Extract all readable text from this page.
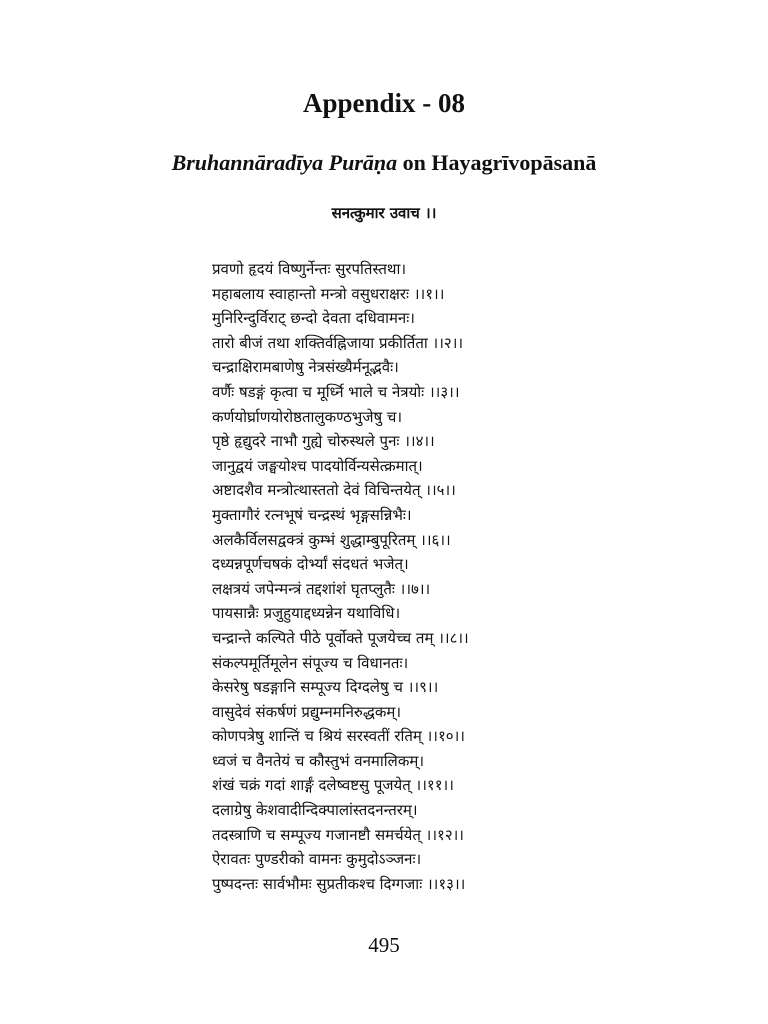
Appendix - 08
Bruhannāradīya Purāṇa on Hayagrīvopāsanā

सनत्कुमार उवाच ।।

प्रवणो हृदयं विष्णुर्नेन्तः सुरपतिस्तथा।
महाबलाय स्वाहान्तो मन्त्रो वसुधराक्षरः ।।१।।
मुनिरिन्दुर्विराट् छन्दो देवता दधिवामनः।
तारो बीजं तथा शक्तिर्वह्निजाया प्रकीर्तिता ।।२।।
चन्द्राक्षिरामबाणेषु नेत्रसंख्यैर्मनूद्भवैः।
वर्णैः षडङ्गं कृत्वा च मूर्ध्नि भाले च नेत्रयोः ।।३।।
कर्णयोर्घ्राणयोरोष्ठतालुकण्ठभुजेषु च।
पृष्ठे हृद्युदरे नाभौ गुह्ये चोरुस्थले पुनः ।।४।।
जानुद्वयं जङ्घयोश्च पादयोर्विन्यसेत्क्रमात्।
अष्टादशैव मन्त्रोत्थास्ततो देवं विचिन्तयेत् ।।५।।
मुक्तागौरं रत्नभूषं चन्द्रस्थं भृङ्गसन्निभैः।
अलकैर्विलसद्वक्त्रं कुम्भं शुद्धाम्बुपूरितम् ।।६।।
दध्यन्नपूर्णचषकं दोर्भ्यां संदधतं भजेत्।
लक्षत्रयं जपेन्मन्त्रं तद्दशांशं घृतप्लुतैः ।।७।।
पायसान्नैः प्रजुहुयाद्दध्यन्नेन यथाविधि।
चन्द्रान्ते कल्पिते पीठे पूर्वोक्ते पूजयेच्च तम् ।।८।।
संकल्पमूर्तिमूलेन संपूज्य च विधानतः।
केसरेषु षडङ्गानि सम्पूज्य दिग्दलेषु च ।।९।।
वासुदेवं संकर्षणं प्रद्युम्नमनिरुद्धकम्।
कोणपत्रेषु शान्तिं च श्रियं सरस्वतीं रतिम् ।।१०।।
ध्वजं च वैनतेयं च कौस्तुभं वनमालिकम्।
शंखं चक्रं गदां शार्ङ्गं दलेष्वष्टसु पूजयेत् ।।११।।
दलाग्रेषु केशवादीन्दिक्पालांस्तदनन्तरम्।
तदस्त्राणि च सम्पूज्य गजानष्टौ समर्चयेत् ।।१२।।
ऐरावतः पुण्डरीको वामनः कुमुदोऽञ्जनः।
पुष्पदन्तः सार्वभौमः सुप्रतीकश्च दिग्गजाः ।।१३।।

495
